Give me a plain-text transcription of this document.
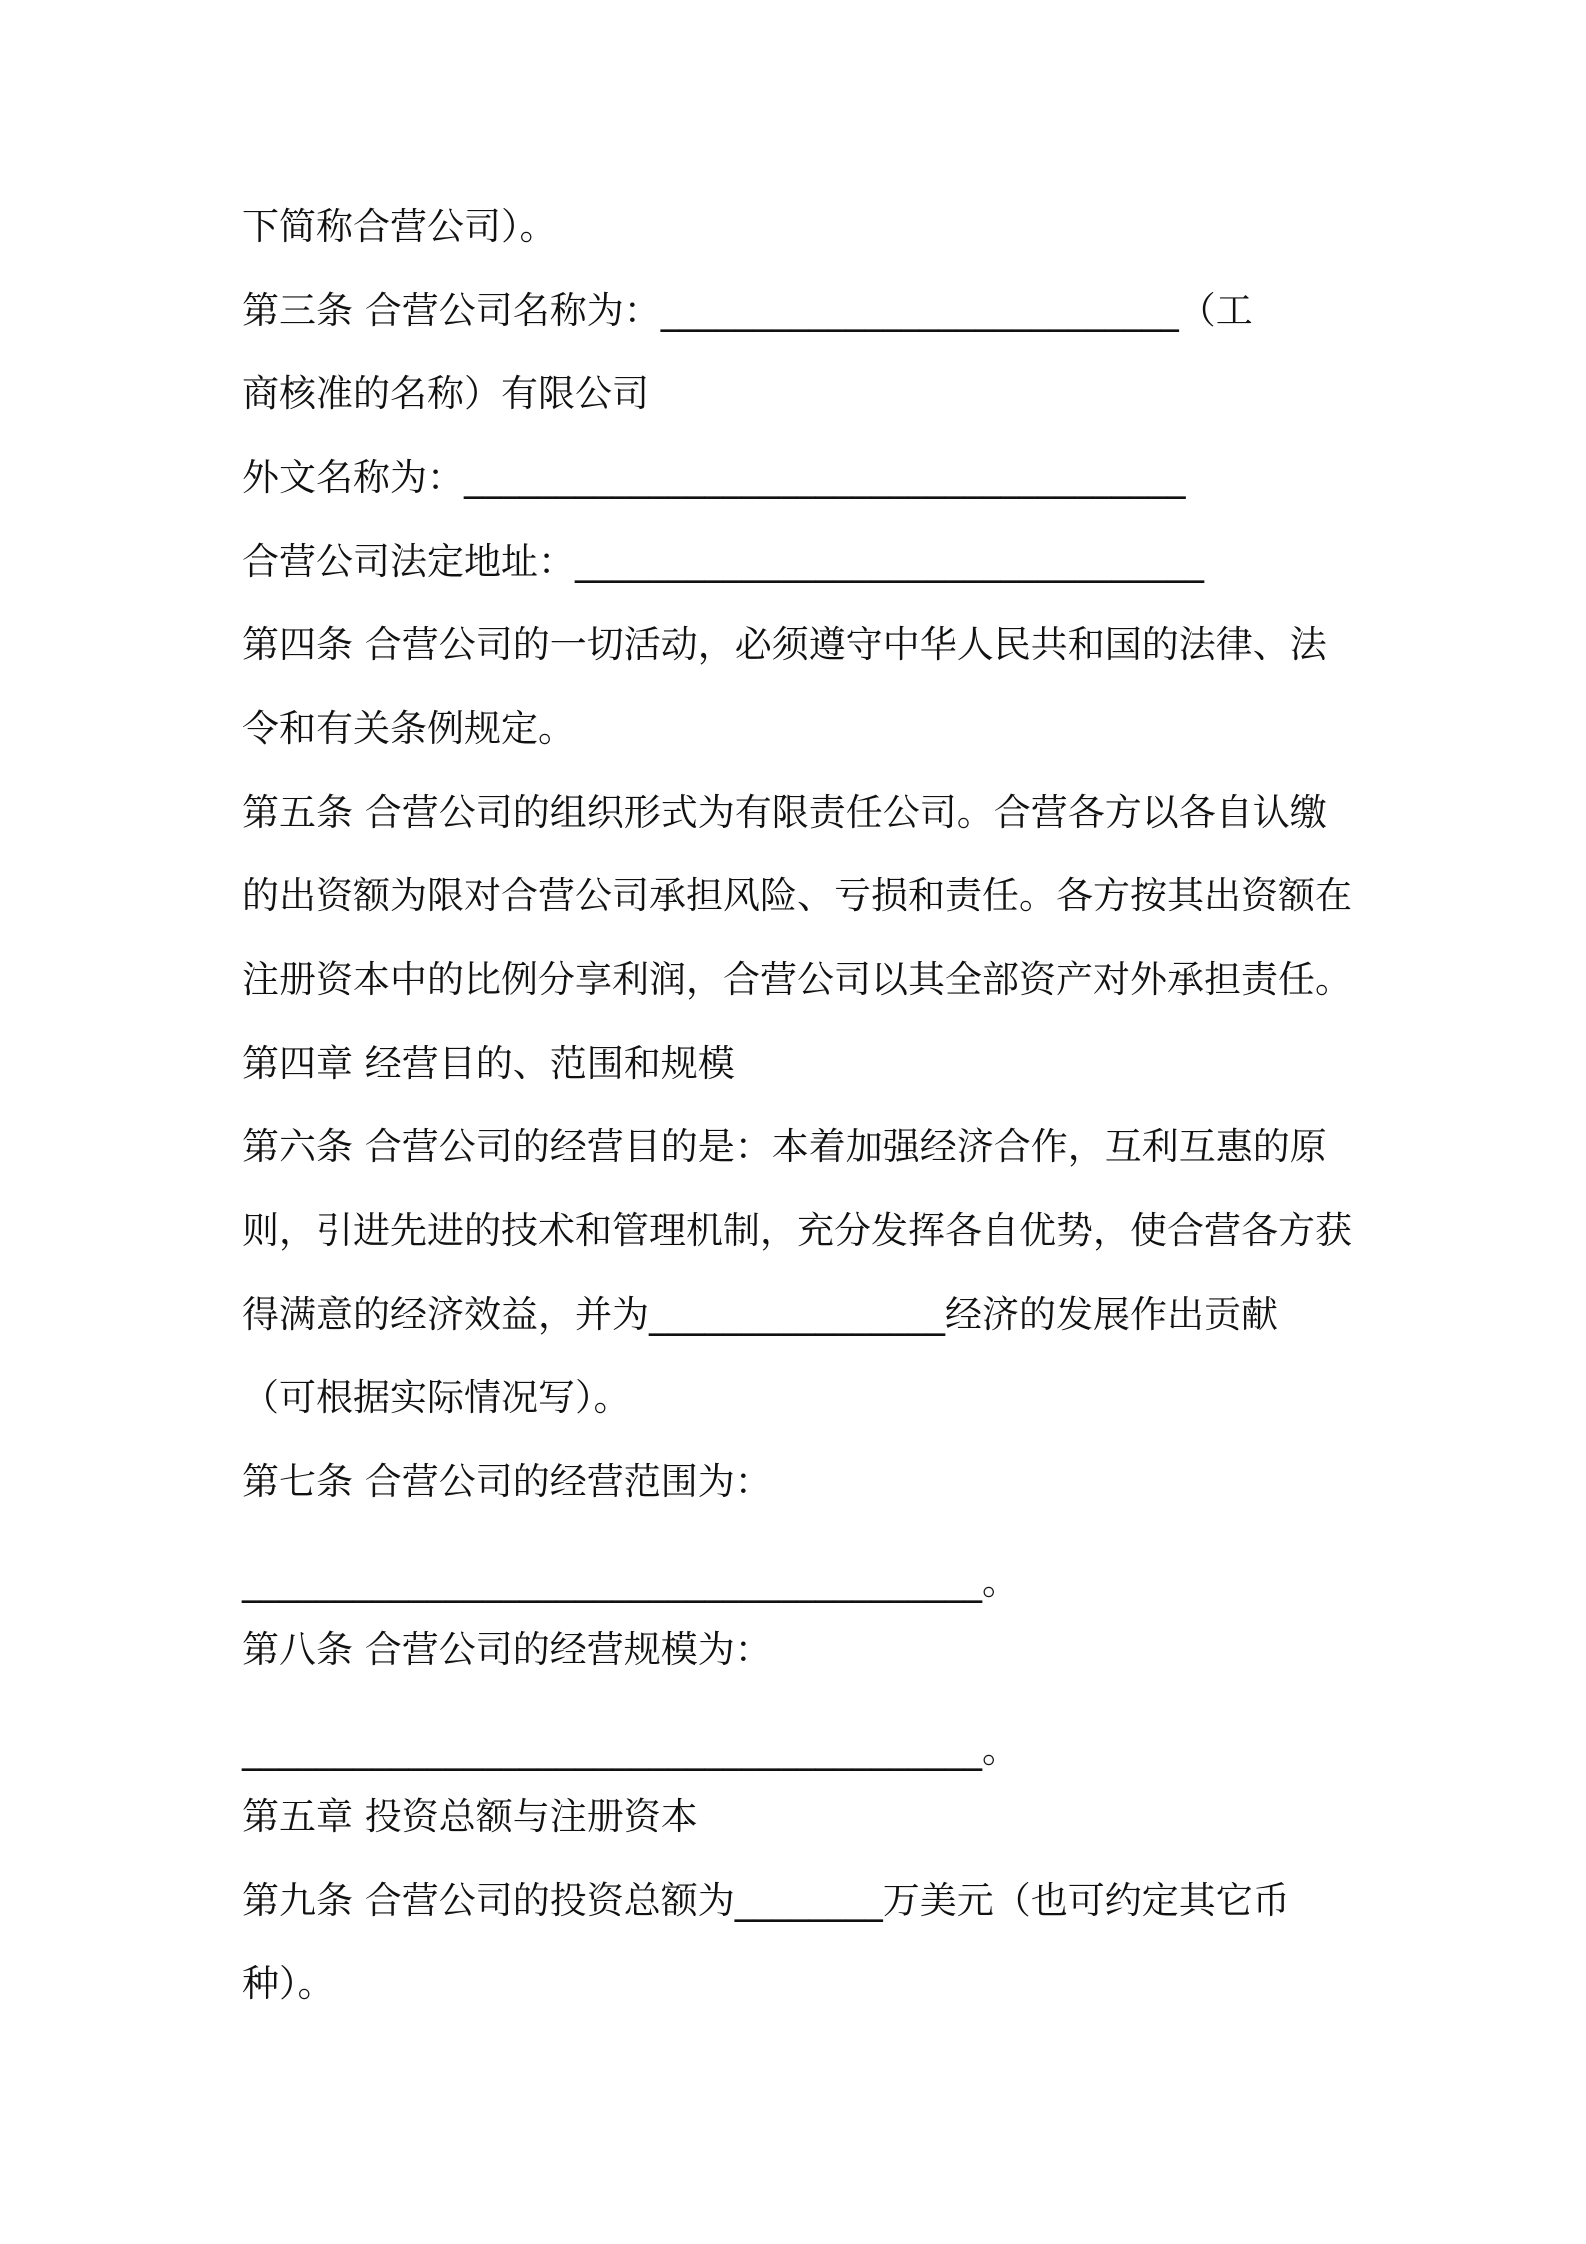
下简称合营公司）。
第三条 合营公司名称为：____________________________（工
商核准的名称）有限公司
外文名称为：_______________________________________
合营公司法定地址：__________________________________
第四条 合营公司的一切活动，必须遵守中华人民共和国的法律、法
令和有关条例规定。
第五条 合营公司的组织形式为有限责任公司。合营各方以各自认缴
的出资额为限对合营公司承担风险、亏损和责任。各方按其出资额在
注册资本中的比例分享利润，合营公司以其全部资产对外承担责任。
第四章 经营目的、范围和规模
第六条 合营公司的经营目的是：本着加强经济合作，互利互惠的原
则，引进先进的技术和管理机制，充分发挥各自优势，使合营各方获
得满意的经济效益，并为________________经济的发展作出贡献
（可根据实际情况写）。
第七条 合营公司的经营范围为：
________________________________________。
第八条 合营公司的经营规模为：
________________________________________。
第五章 投资总额与注册资本
第九条 合营公司的投资总额为________万美元（也可约定其它币
种）。
